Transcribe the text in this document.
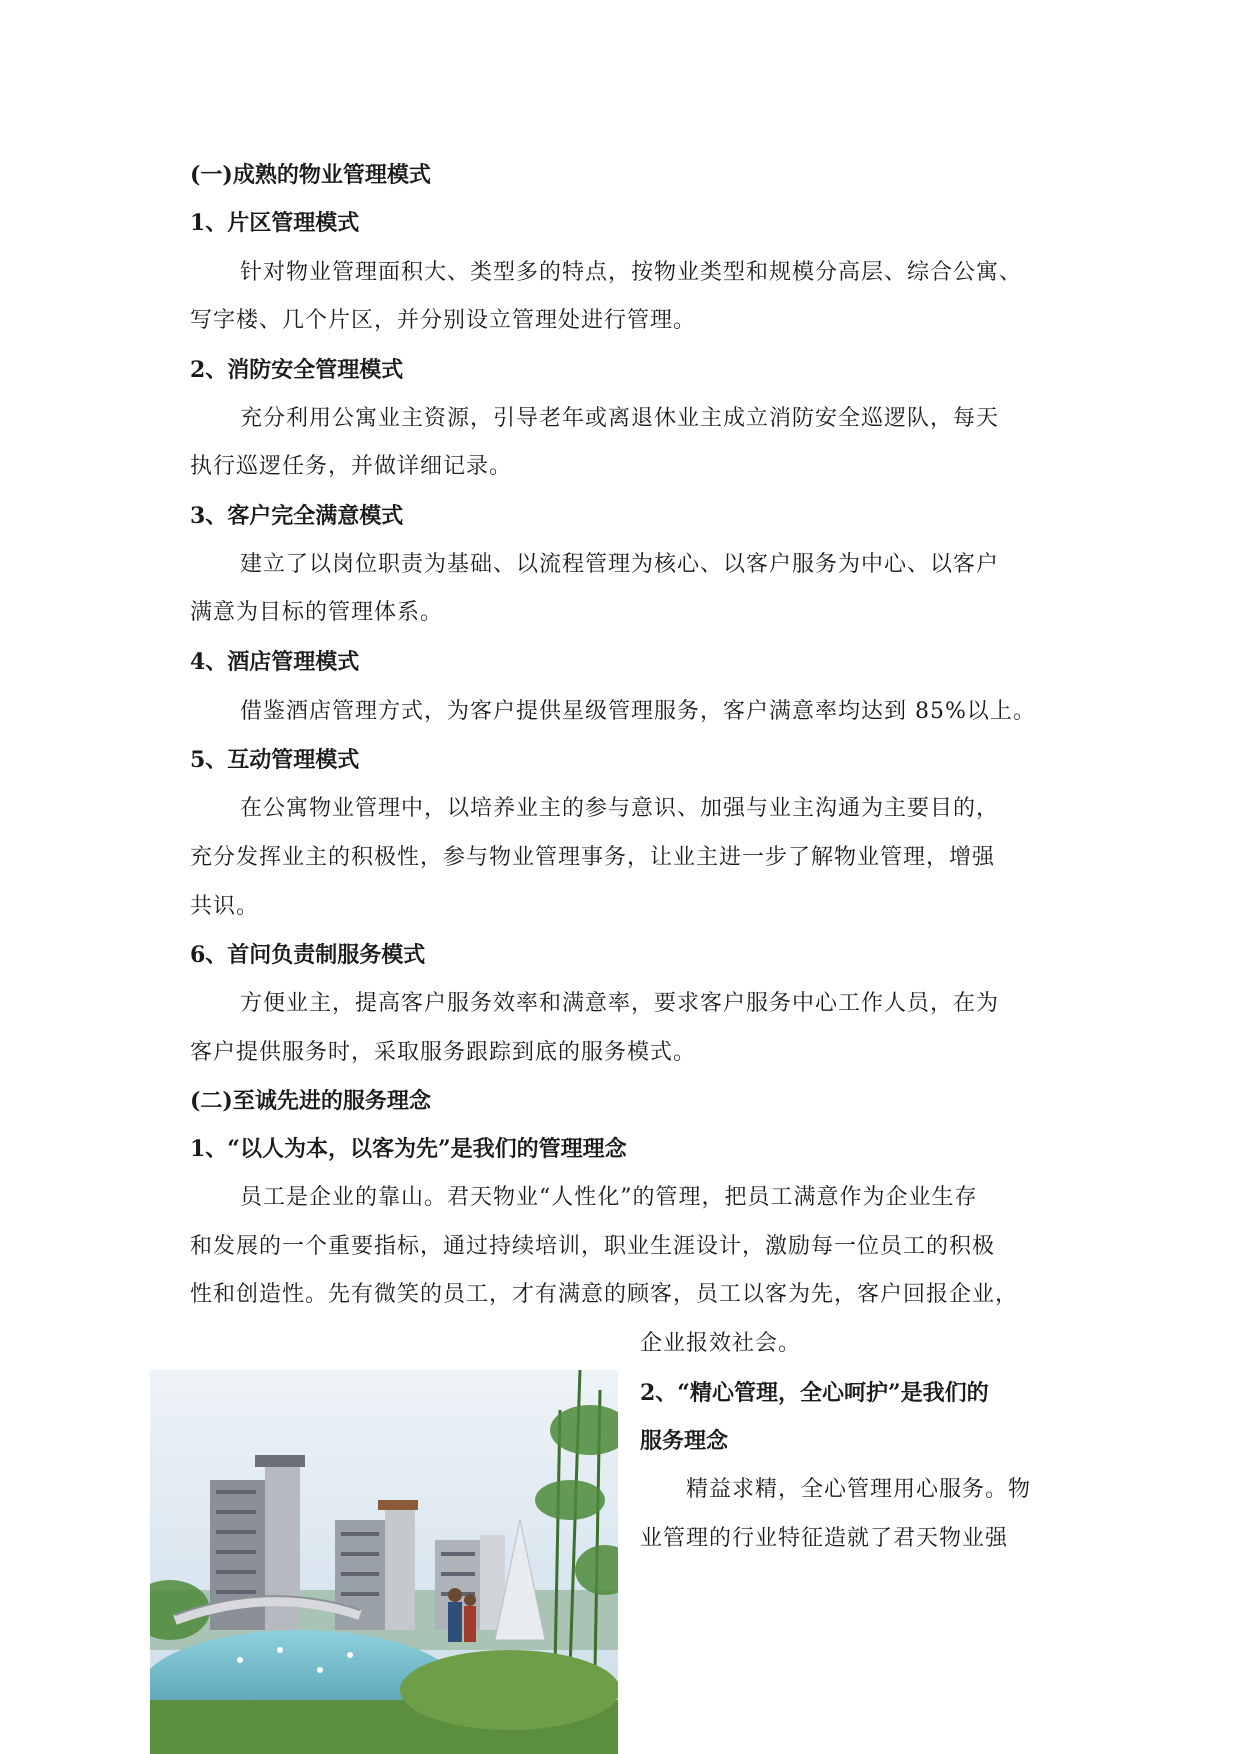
(一)成熟的物业管理模式
1、片区管理模式
针对物业管理面积大、类型多的特点，按物业类型和规模分高层、综合公寓、
写字楼、几个片区，并分别设立管理处进行管理。
2、消防安全管理模式
充分利用公寓业主资源，引导老年或离退休业主成立消防安全巡逻队，每天
执行巡逻任务，并做详细记录。
3、客户完全满意模式
建立了以岗位职责为基础、以流程管理为核心、以客户服务为中心、以客户
满意为目标的管理体系。
4、酒店管理模式
借鉴酒店管理方式，为客户提供星级管理服务，客户满意率均达到 85%以上。
5、互动管理模式
在公寓物业管理中，以培养业主的参与意识、加强与业主沟通为主要目的，
充分发挥业主的积极性，参与物业管理事务，让业主进一步了解物业管理，增强
共识。
6、首问负责制服务模式
方便业主，提高客户服务效率和满意率，要求客户服务中心工作人员，在为
客户提供服务时，采取服务跟踪到底的服务模式。
(二)至诚先进的服务理念
1、“以人为本，以客为先”是我们的管理理念
员工是企业的靠山。君天物业“人性化”的管理，把员工满意作为企业生存
和发展的一个重要指标，通过持续培训，职业生涯设计，激励每一位员工的积极
性和创造性。先有微笑的员工，才有满意的顾客，员工以客为先，客户回报企业，
企业报效社会。
2、“精心管理，全心呵护”是我们的
服务理念
精益求精，全心管理用心服务。物
业管理的行业特征造就了君天物业强
